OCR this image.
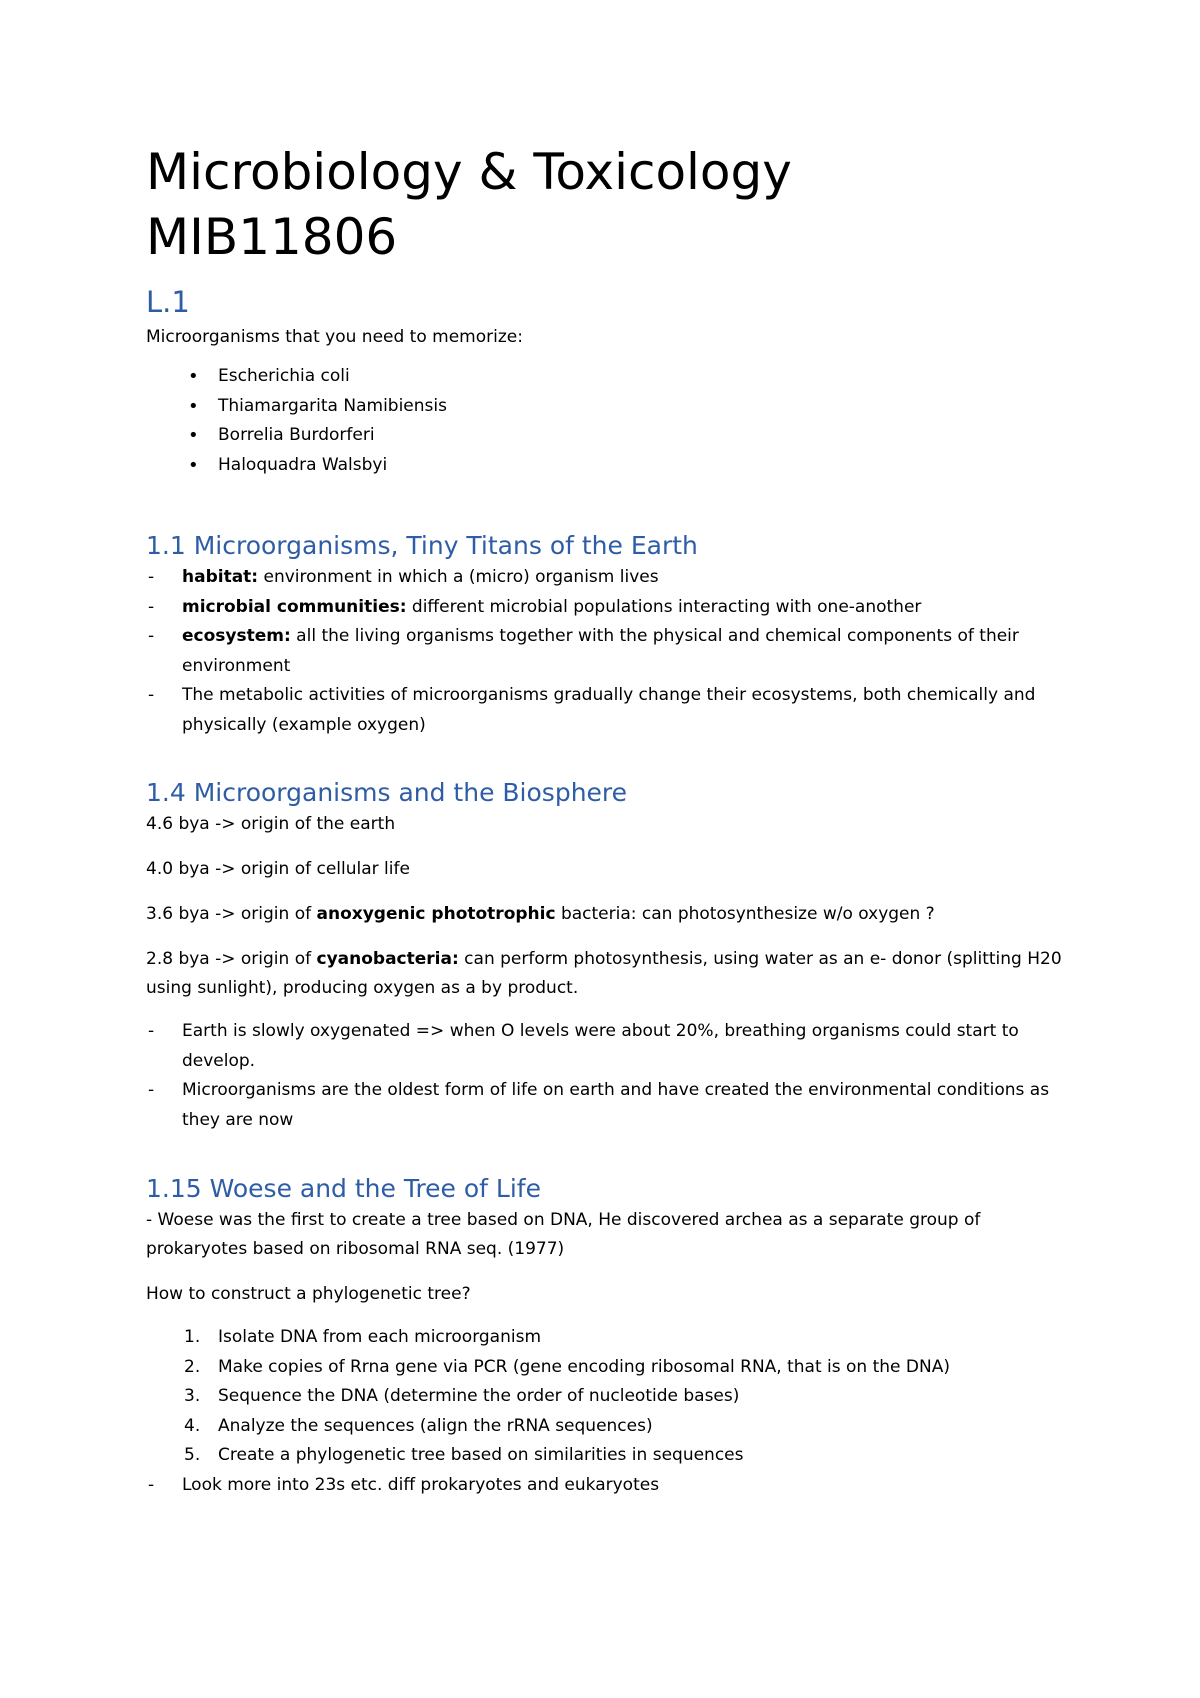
Microbiology & Toxicology
MIB11806
L.1

Microorganisms that you need to memorize:

• Escherichia coli
• Thiamargarita Namibiensis
• Borrelia Burdorferi
• Haloquadra Walsbyi
1.1 Microorganisms, Tiny Titans of the Earth
- habitat: environment in which a (micro) organism lives
- microbial communities: different microbial populations interacting with one-another
- ecosystem: all the living organisms together with the physical and chemical components of their environment
- The metabolic activities of microorganisms gradually change their ecosystems, both chemically and physically (example oxygen)
1.4 Microorganisms and the Biosphere

4.6 bya -> origin of the earth

4.0 bya -> origin of cellular life

3.6 bya -> origin of anoxygenic phototrophic bacteria: can photosynthesize w/o oxygen ?

2.8 bya -> origin of cyanobacteria: can perform photosynthesis, using water as an e- donor (splitting H20 using sunlight), producing oxygen as a by product.

- Earth is slowly oxygenated => when O levels were about 20%, breathing organisms could start to develop.
- Microorganisms are the oldest form of life on earth and have created the environmental conditions as they are now
1.15 Woese and the Tree of Life

- Woese was the first to create a tree based on DNA, He discovered archea as a separate group of prokaryotes based on ribosomal RNA seq. (1977)

How to construct a phylogenetic tree?

1. Isolate DNA from each microorganism
2. Make copies of Rrna gene via PCR (gene encoding ribosomal RNA, that is on the DNA)
3. Sequence the DNA (determine the order of nucleotide bases)
4. Analyze the sequences (align the rRNA sequences)
5. Create a phylogenetic tree based on similarities in sequences
- Look more into 23s etc. diff prokaryotes and eukaryotes
